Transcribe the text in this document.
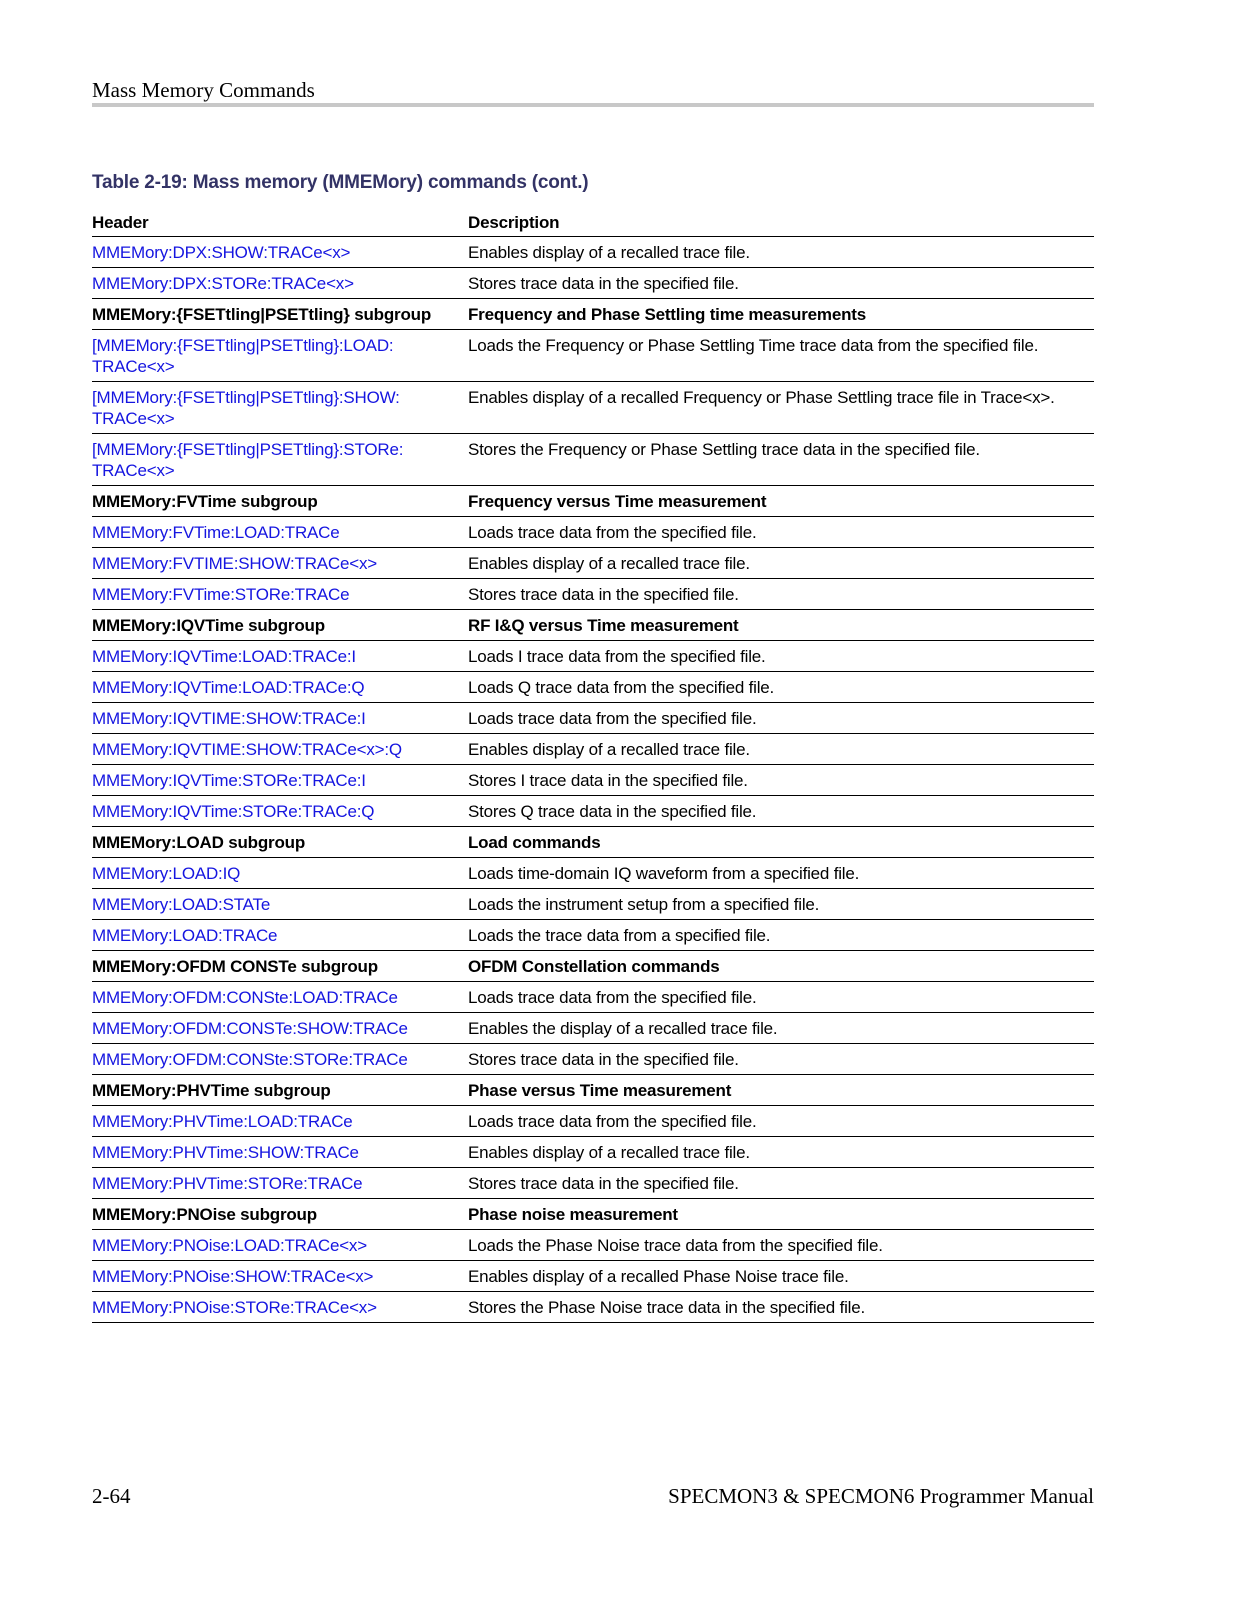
Mass Memory Commands
Table 2-19: Mass memory (MMEMory) commands (cont.)
Header	Description
MMEMory:DPX:SHOW:TRACe<x>	Enables display of a recalled trace file.
MMEMory:DPX:STORe:TRACe<x>	Stores trace data in the specified file.
MMEMory:{FSETtling|PSETtling} subgroup	Frequency and Phase Settling time measurements
[MMEMory:{FSETtling|PSETtling}:LOAD: TRACe<x>	Loads the Frequency or Phase Settling Time trace data from the specified file.
[MMEMory:{FSETtling|PSETtling}:SHOW: TRACe<x>	Enables display of a recalled Frequency or Phase Settling trace file in Trace<x>.
[MMEMory:{FSETtling|PSETtling}:STORe: TRACe<x>	Stores the Frequency or Phase Settling trace data in the specified file.
MMEMory:FVTime subgroup	Frequency versus Time measurement
MMEMory:FVTime:LOAD:TRACe	Loads trace data from the specified file.
MMEMory:FVTIME:SHOW:TRACe<x>	Enables display of a recalled trace file.
MMEMory:FVTime:STORe:TRACe	Stores trace data in the specified file.
MMEMory:IQVTime subgroup	RF I&Q versus Time measurement
MMEMory:IQVTime:LOAD:TRACe:I	Loads I trace data from the specified file.
MMEMory:IQVTime:LOAD:TRACe:Q	Loads Q trace data from the specified file.
MMEMory:IQVTIME:SHOW:TRACe:I	Loads trace data from the specified file.
MMEMory:IQVTIME:SHOW:TRACe<x>:Q	Enables display of a recalled trace file.
MMEMory:IQVTime:STORe:TRACe:I	Stores I trace data in the specified file.
MMEMory:IQVTime:STORe:TRACe:Q	Stores Q trace data in the specified file.
MMEMory:LOAD subgroup	Load commands
MMEMory:LOAD:IQ	Loads time-domain IQ waveform from a specified file.
MMEMory:LOAD:STATe	Loads the instrument setup from a specified file.
MMEMory:LOAD:TRACe	Loads the trace data from a specified file.
MMEMory:OFDM CONSTe subgroup	OFDM Constellation commands
MMEMory:OFDM:CONSte:LOAD:TRACe	Loads trace data from the specified file.
MMEMory:OFDM:CONSTe:SHOW:TRACe	Enables the display of a recalled trace file.
MMEMory:OFDM:CONSte:STORe:TRACe	Stores trace data in the specified file.
MMEMory:PHVTime subgroup	Phase versus Time measurement
MMEMory:PHVTime:LOAD:TRACe	Loads trace data from the specified file.
MMEMory:PHVTime:SHOW:TRACe	Enables display of a recalled trace file.
MMEMory:PHVTime:STORe:TRACe	Stores trace data in the specified file.
MMEMory:PNOise subgroup	Phase noise measurement
MMEMory:PNOise:LOAD:TRACe<x>	Loads the Phase Noise trace data from the specified file.
MMEMory:PNOise:SHOW:TRACe<x>	Enables display of a recalled Phase Noise trace file.
MMEMory:PNOise:STORe:TRACe<x>	Stores the Phase Noise trace data in the specified file.
2-64	SPECMON3 & SPECMON6 Programmer Manual
